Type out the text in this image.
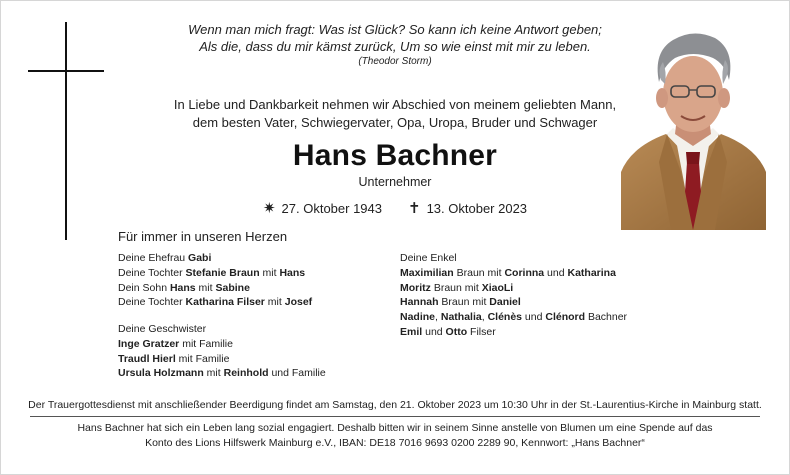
Wenn man mich fragt: Was ist Glück? So kann ich keine Antwort geben;
Als die, dass du mir kämst zurück, Um so wie einst mit mir zu leben.
(Theodor Storm)
In Liebe und Dankbarkeit nehmen wir Abschied von meinem geliebten Mann,
dem besten Vater, Schwiegervater, Opa, Uropa, Bruder und Schwager
Hans Bachner
Unternehmer
✷ 27. Oktober 1943 ✝ 13. Oktober 2023
Für immer in unseren Herzen
Deine Ehefrau Gabi
Deine Tochter Stefanie Braun mit Hans
Dein Sohn Hans mit Sabine
Deine Tochter Katharina Filser mit Josef
Deine Geschwister
Inge Gratzer mit Familie
Traudl Hierl mit Familie
Ursula Holzmann mit Reinhold und Familie
Deine Enkel
Maximilian Braun mit Corinna und Katharina
Moritz Braun mit XiaoLi
Hannah Braun mit Daniel
Nadine, Nathalia, Clénès und Clénord Bachner
Emil und Otto Filser
Der Trauergottesdienst mit anschließender Beerdigung findet am Samstag, den 21. Oktober 2023 um 10:30 Uhr in der St.-Laurentius-Kirche in Mainburg statt.
Hans Bachner hat sich ein Leben lang sozial engagiert. Deshalb bitten wir in seinem Sinne anstelle von Blumen um eine Spende auf das
Konto des Lions Hilfswerk Mainburg e.V., IBAN: DE18 7016 9693 0200 2289 90, Kennwort: „Hans Bachner“
